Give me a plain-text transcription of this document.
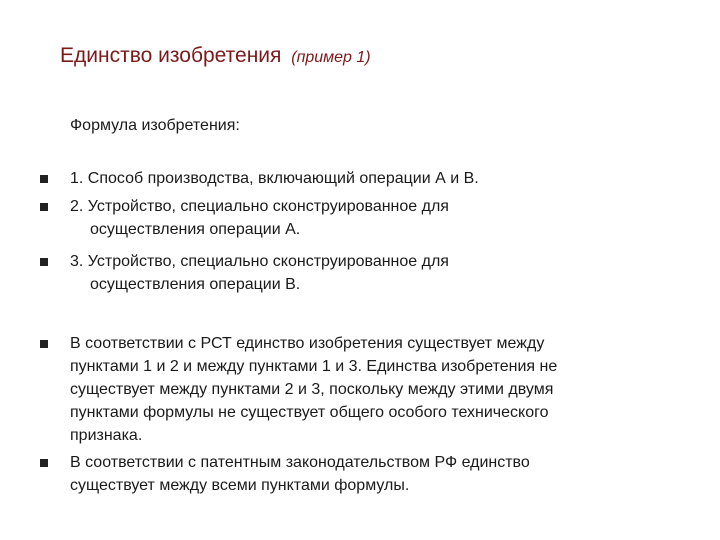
Единство изобретения (пример 1)
Формула изобретения:
1. Способ производства, включающий операции А и В.
2. Устройство, специально сконструированное для
осуществления операции А.
3. Устройство, специально сконструированное для
осуществления операции В.
В соответствии с РСТ единство изобретения существует между
пунктами 1 и 2 и между пунктами 1 и 3. Единства изобретения не
существует между пунктами 2 и 3, поскольку между этими двумя
пунктами формулы не существует общего особого технического
признака.
В соответствии с патентным законодательством РФ единство
существует между всеми пунктами формулы.
